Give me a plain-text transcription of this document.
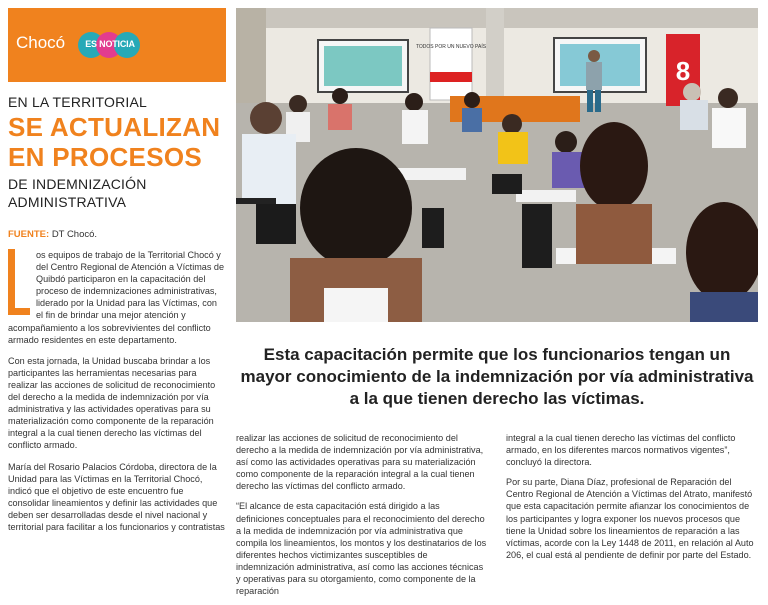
Chocó	ES NOTICIA
EN LA TERRITORIAL
SE ACTUALIZAN
EN PROCESOS
DE INDEMNIZACIÓN
ADMINISTRATIVA
FUENTE: DT Chocó.
os equipos de trabajo de la Territorial Chocó y del Centro Regional de Atención a Víctimas de Quibdó participaron en la capacitación del proceso de indemnizaciones administrativas, liderado por la Unidad para las Víctimas, con el fin de brindar una mejor atención y acompañamiento a los sobrevivientes del conflicto armado residentes en este departamento.

Con esta jornada, la Unidad buscaba brindar a los participantes las herramientas necesarias para realizar las acciones de solicitud de reconocimiento del derecho a la medida de indemnización por vía administrativa y las actividades operativas para su materialización como componente de la reparación integral a la cual tienen derecho las víctimas del conflicto armado.

María del Rosario Palacios Córdoba, directora de la Unidad para las Víctimas en la Territorial Chocó, indicó que el objetivo de este encuentro fue consolidar lineamientos y definir las actividades que deben ser desarrolladas desde el nivel nacional y territorial para facilitar a los funcionarios y contratistas

TODOS POR UN NUEVO PAÍS
8
Esta capacitación permite que los funcionarios tengan un mayor conocimiento de la indemnización por vía administrativa a la que tienen derecho las víctimas.

realizar las acciones de solicitud de reconocimiento del derecho a la medida de indemnización por vía administrativa, así como las actividades operativas para su materialización como componente de la reparación integral a la cual tienen derecho las víctimas del conflicto armado.

“El alcance de esta capacitación está dirigido a las definiciones conceptuales para el reconocimiento del derecho a la medida de indemnización por vía administrativa que compila los lineamientos, los montos y los destinatarios de los diferentes hechos victimizantes susceptibles de indemnización administrativa, así como las acciones técnicas y operativas para su otorgamiento, como componente de la reparación

integral a la cual tienen derecho las víctimas del conflicto armado, en los diferentes marcos normativos vigentes”, concluyó la directora.

Por su parte, Diana Díaz, profesional de Reparación del Centro Regional de Atención a Víctimas del Atrato, manifestó que esta capacitación permite afianzar los conocimientos de los participantes y logra exponer los nuevos procesos que tiene la Unidad sobre los lineamientos de reparación a las víctimas, acorde con la Ley 1448 de 2011, en relación al Auto 206, el cual está al pendiente de definir por parte del Estado.
